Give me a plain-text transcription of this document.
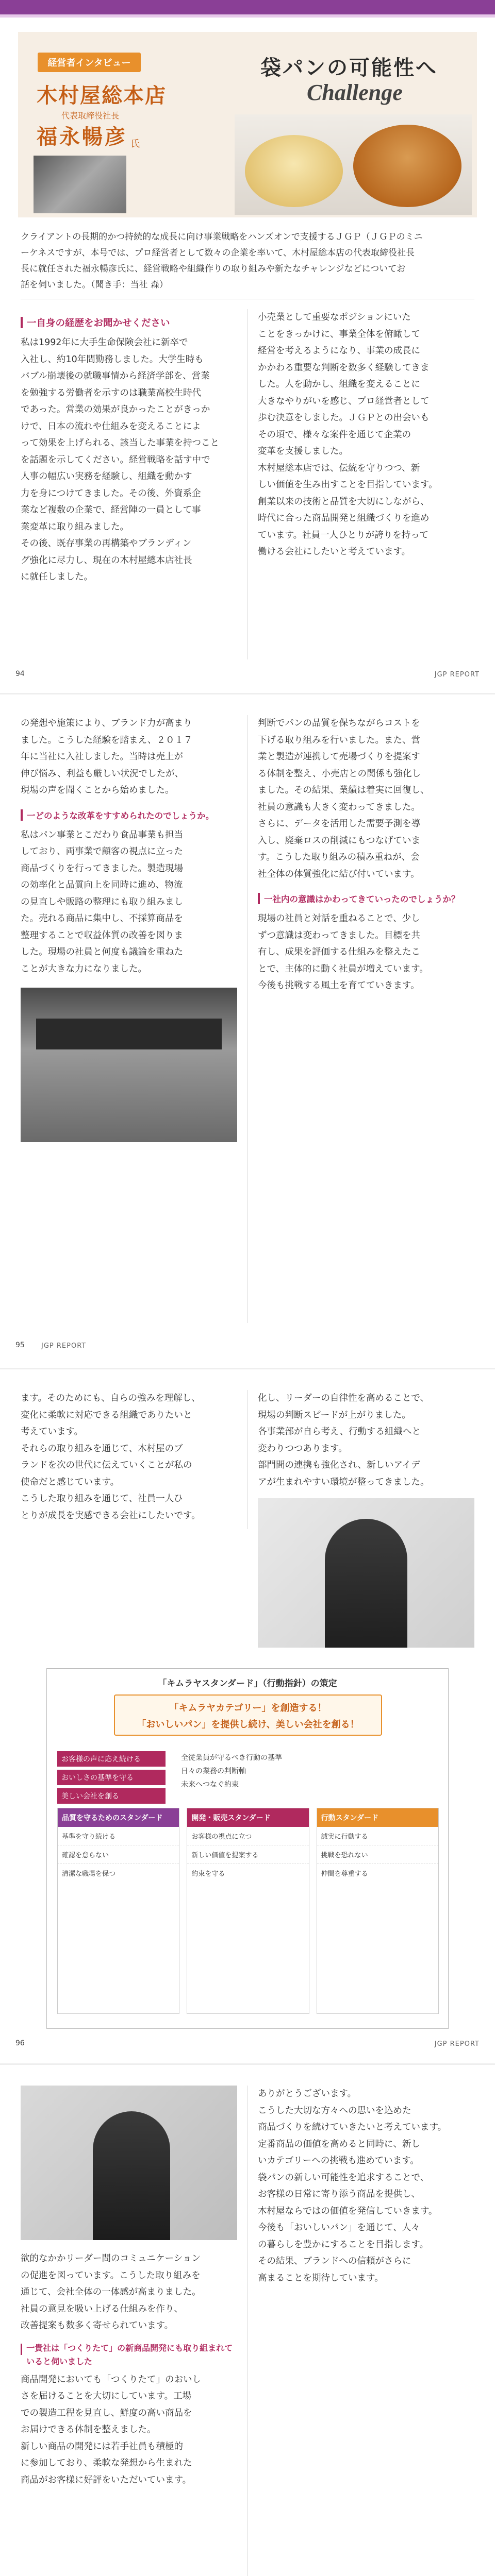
経営者インタビュー
木村屋総本店
代表取締役社長
福永暢彦 氏
袋パンの可能性へ
Challenge
クライアントの長期的かつ持続的な成長に向け事業戦略をハンズオンで支援するＪＧＰ（ＪＧＰのミニ
ーケネスですが、本号では、プロ経営者として数々の企業を率いて、木村屋総本店の代表取締役社長
長に就任された福永暢彦氏に、経営戦略や組織作りの取り組みや新たなチャレンジなどについてお
話を伺いました。（聞き手：当社 森）
一自身の経歴をお聞かせください
私は1992年に大手生命保険会社に新卒で
入社し、約10年間勤務しました。大学生時も
バブル崩壊後の就職事情から経済学部を、営業
を勉強する労働者を示すのは職業高校生時代
であった。営業の効果が良かったことがきっか
けで、日本の流れや仕組みを変えることによ
って効果を上げられる、該当した事業を持つこと
を話題を示してください。経営戦略を話す中で
人事の幅広い実務を経験し、組織を動かす
力を身につけてきました。その後、外資系企
業など複数の企業で、経営陣の一員として事
業変革に取り組みました。
その後、既存事業の再構築やブランディン
グ強化に尽力し、現在の木村屋總本店社長
に就任しました。
小売業として重要なポジションにいた
ことをきっかけに、事業全体を俯瞰して
経営を考えるようになり、事業の成長に
かかわる重要な判断を数多く経験してきま
した。人を動かし、組織を変えることに
大きなやりがいを感じ、プロ経営者として
歩む決意をしました。ＪＧＰとの出会いも
その頃で、様々な案件を通じて企業の
変革を支援しました。
木村屋総本店では、伝統を守りつつ、新
しい価値を生み出すことを目指しています。
創業以来の技術と品質を大切にしながら、
時代に合った商品開発と組織づくりを進め
ています。社員一人ひとりが誇りを持って
働ける会社にしたいと考えています。
94	JGP REPORT
の発想や施策により、ブランド力が高まり
ました。こうした経験を踏まえ、２０１７
年に当社に入社しました。当時は売上が
伸び悩み、利益も厳しい状況でしたが、
現場の声を聞くことから始めました。
一どのような改革をすすめられたのでしょうか。
私はパン事業とこだわり食品事業も担当
しており、両事業で顧客の視点に立った
商品づくりを行ってきました。製造現場
の効率化と品質向上を同時に進め、物流
の見直しや販路の整理にも取り組みまし
た。売れる商品に集中し、不採算商品を
整理することで収益体質の改善を図りま
した。現場の社員と何度も議論を重ねた
ことが大きな力になりました。
判断でパンの品質を保ちながらコストを
下げる取り組みを行いました。また、営
業と製造が連携して売場づくりを提案す
る体制を整え、小売店との関係も強化し
ました。その結果、業績は着実に回復し、
社員の意識も大きく変わってきました。
さらに、データを活用した需要予測を導
入し、廃棄ロスの削減にもつなげていま
す。こうした取り組みの積み重ねが、会
社全体の体質強化に結び付いています。
一社内の意識はかわってきていったのでしょうか？
現場の社員と対話を重ねることで、少し
ずつ意識は変わってきました。目標を共
有し、成果を評価する仕組みを整えたこ
とで、主体的に動く社員が増えています。
今後も挑戦する風土を育てていきます。
95 JGP REPORT
ます。そのためにも、自らの強みを理解し、
変化に柔軟に対応できる組織でありたいと
考えています。
それらの取り組みを通じて、木村屋のブ
ランドを次の世代に伝えていくことが私の
使命だと感じています。
こうした取り組みを通じて、社員一人ひ
とりが成長を実感できる会社にしたいです。
化し、リーダーの自律性を高めることで、
現場の判断スピードが上がりました。
各事業部が自ら考え、行動する組織へと
変わりつつあります。
部門間の連携も強化され、新しいアイデ
アが生まれやすい環境が整ってきました。
「キムラヤスタンダード」（行動指針）の策定
「キムラヤカテゴリー」を創造する！
「おいしいパン」を提供し続け、美しい会社を創る！
お客様の声に応え続ける
おいしさの基準を守る
美しい会社を創る
全従業員が守るべき行動の基準
日々の業務の判断軸
未来へつなぐ約束
品質を守るためのスタンダード
基準を守り続ける
確認を怠らない
清潔な職場を保つ
開発・販売スタンダード
お客様の視点に立つ
新しい価値を提案する
約束を守る
行動スタンダード
誠実に行動する
挑戦を恐れない
仲間を尊重する
96	JGP REPORT
欲的なかかリーダー間のコミュニケーション
の促進を図っています。こうした取り組みを
通じて、会社全体の一体感が高まりました。
社員の意見を吸い上げる仕組みを作り、
改善提案も数多く寄せられています。
一貴社は「つくりたて」の新商品開発にも取り組まれていると伺いました
商品開発においても「つくりたて」のおいし
さを届けることを大切にしています。工場
での製造工程を見直し、鮮度の高い商品を
お届けできる体制を整えました。
新しい商品の開発には若手社員も積極的
に参加しており、柔軟な発想から生まれた
商品がお客様に好評をいただいています。
ありがとうございます。
こうした大切な方々への思いを込めた
商品づくりを続けていきたいと考えています。
定番商品の価値を高めると同時に、新し
いカテゴリーへの挑戦も進めています。
袋パンの新しい可能性を追求することで、
お客様の日常に寄り添う商品を提供し、
木村屋ならではの価値を発信していきます。
今後も「おいしいパン」を通じて、人々
の暮らしを豊かにすることを目指します。
その結果、ブランドへの信頼がさらに
高まることを期待しています。
